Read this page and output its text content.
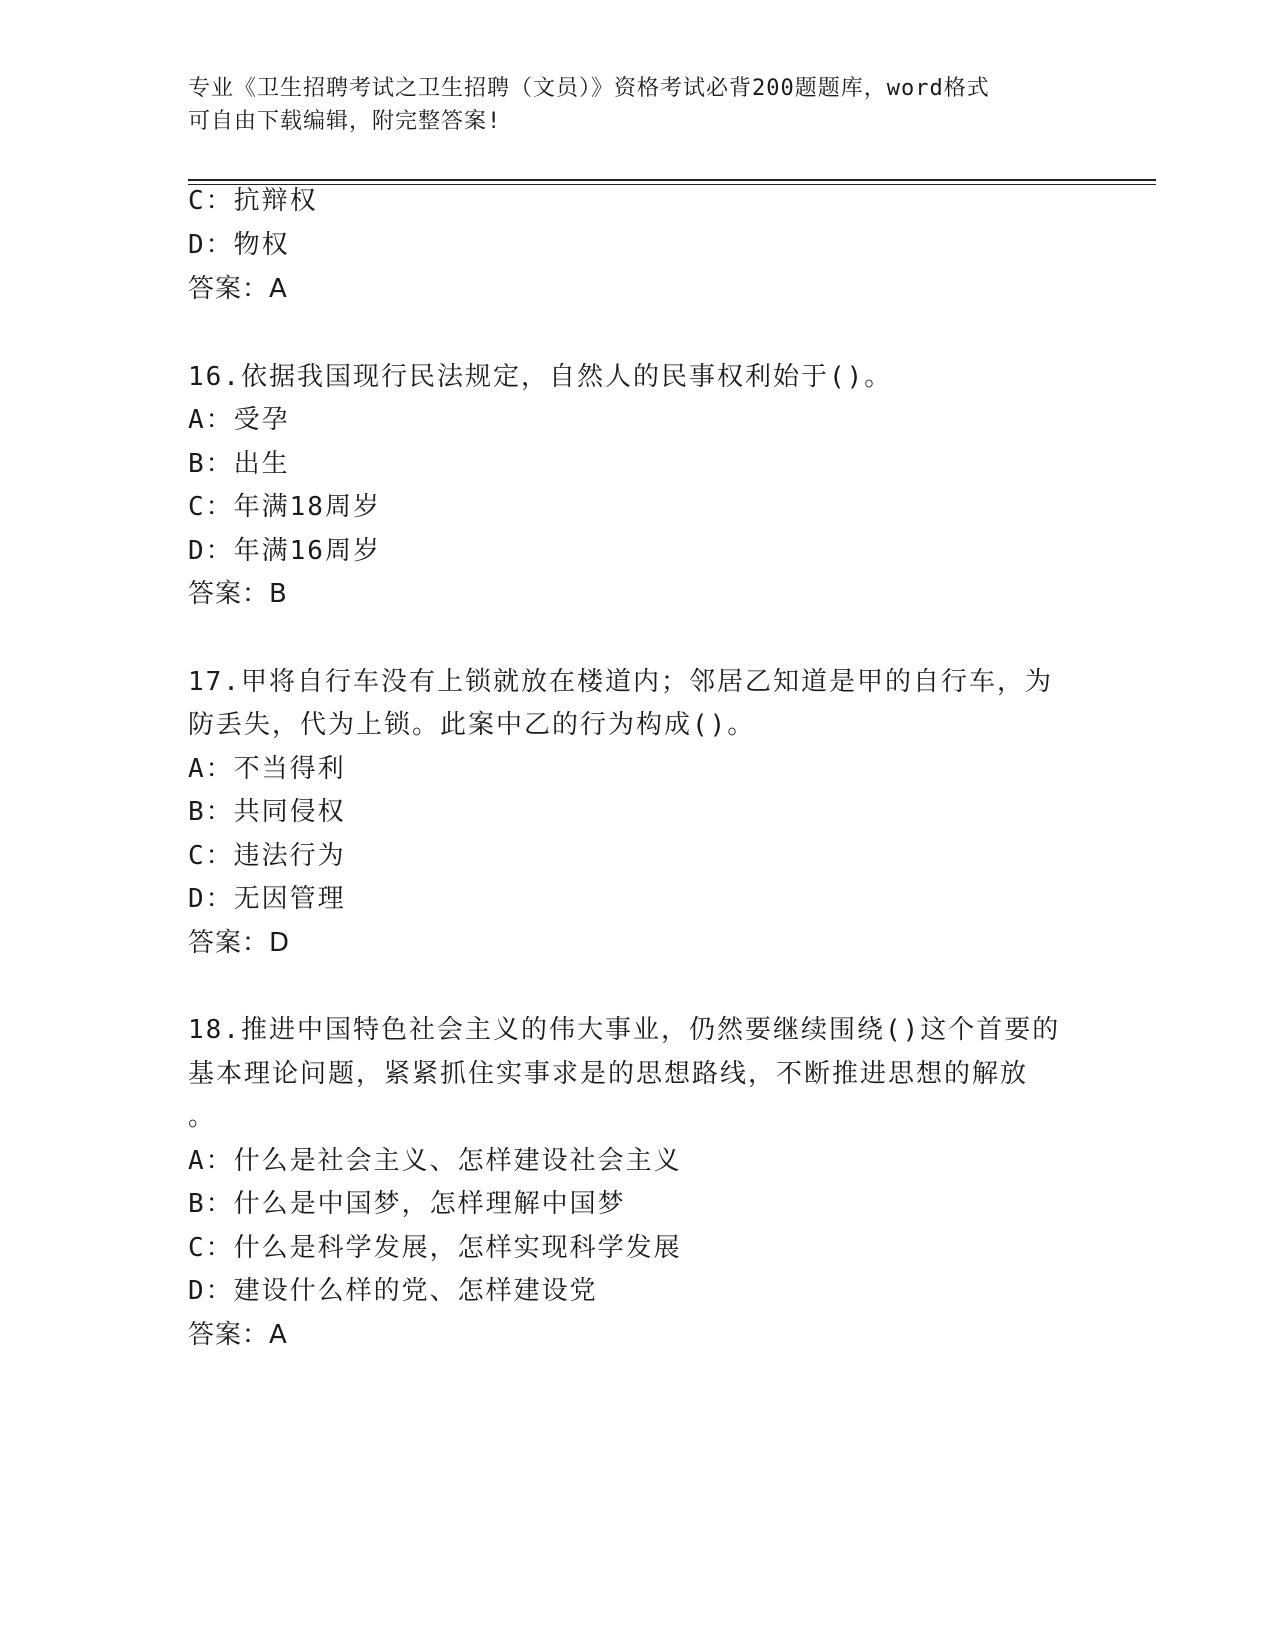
专业《卫生招聘考试之卫生招聘（文员）》资格考试必背200题题库，word格式
可自由下载编辑，附完整答案!
C：抗辩权
D：物权
答案：A
16.依据我国现行民法规定，自然人的民事权利始于()。
A：受孕
B：出生
C：年满18周岁
D：年满16周岁
答案：B
17.甲将自行车没有上锁就放在楼道内；邻居乙知道是甲的自行车，为
防丢失，代为上锁。此案中乙的行为构成()。
A：不当得利
B：共同侵权
C：违法行为
D：无因管理
答案：D
18.推进中国特色社会主义的伟大事业，仍然要继续围绕()这个首要的
基本理论问题，紧紧抓住实事求是的思想路线，不断推进思想的解放
。
A：什么是社会主义、怎样建设社会主义
B：什么是中国梦，怎样理解中国梦
C：什么是科学发展，怎样实现科学发展
D：建设什么样的党、怎样建设党
答案：A
